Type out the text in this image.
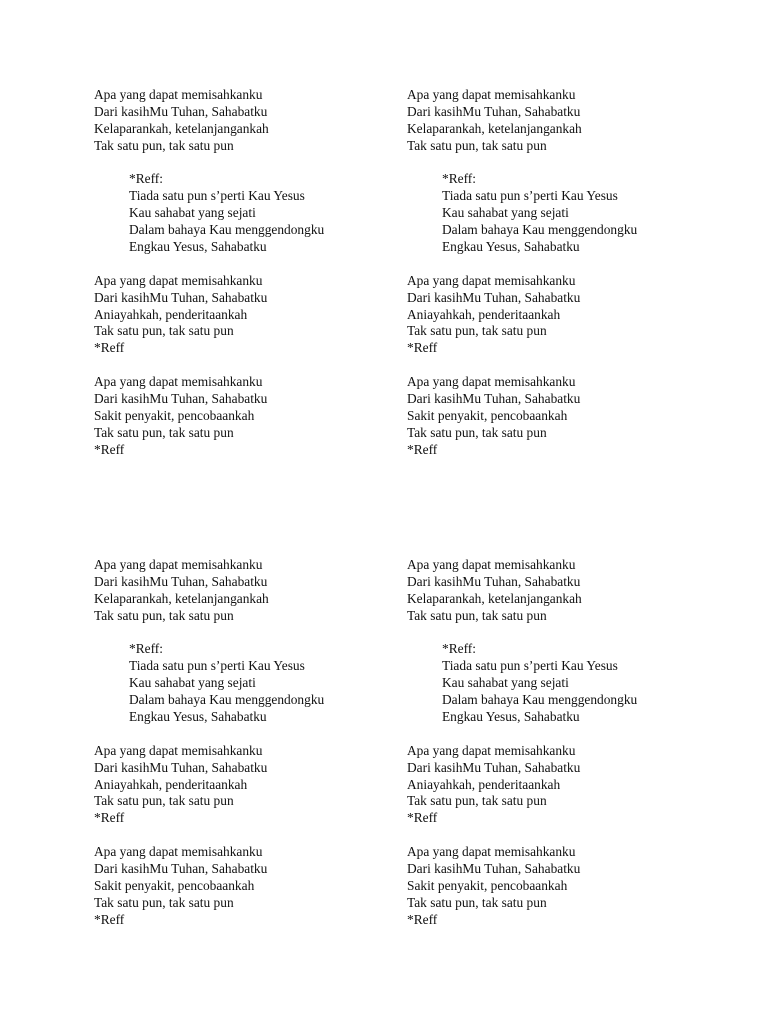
Apa yang dapat memisahkanku
Dari kasihMu Tuhan, Sahabatku
Kelaparankah, ketelanjangankah
Tak satu pun, tak satu pun
*Reff:
Tiada satu pun s’perti Kau Yesus
Kau sahabat yang sejati
Dalam bahaya Kau menggendongku
Engkau Yesus, Sahabatku
Apa yang dapat memisahkanku
Dari kasihMu Tuhan, Sahabatku
Aniayahkah, penderitaankah
Tak satu pun, tak satu pun
*Reff
Apa yang dapat memisahkanku
Dari kasihMu Tuhan, Sahabatku
Sakit penyakit, pencobaankah
Tak satu pun, tak satu pun
*Reff
Apa yang dapat memisahkanku
Dari kasihMu Tuhan, Sahabatku
Kelaparankah, ketelanjangankah
Tak satu pun, tak satu pun
*Reff:
Tiada satu pun s’perti Kau Yesus
Kau sahabat yang sejati
Dalam bahaya Kau menggendongku
Engkau Yesus, Sahabatku
Apa yang dapat memisahkanku
Dari kasihMu Tuhan, Sahabatku
Aniayahkah, penderitaankah
Tak satu pun, tak satu pun
*Reff
Apa yang dapat memisahkanku
Dari kasihMu Tuhan, Sahabatku
Sakit penyakit, pencobaankah
Tak satu pun, tak satu pun
*Reff
Apa yang dapat memisahkanku
Dari kasihMu Tuhan, Sahabatku
Kelaparankah, ketelanjangankah
Tak satu pun, tak satu pun
*Reff:
Tiada satu pun s’perti Kau Yesus
Kau sahabat yang sejati
Dalam bahaya Kau menggendongku
Engkau Yesus, Sahabatku
Apa yang dapat memisahkanku
Dari kasihMu Tuhan, Sahabatku
Aniayahkah, penderitaankah
Tak satu pun, tak satu pun
*Reff
Apa yang dapat memisahkanku
Dari kasihMu Tuhan, Sahabatku
Sakit penyakit, pencobaankah
Tak satu pun, tak satu pun
*Reff
Apa yang dapat memisahkanku
Dari kasihMu Tuhan, Sahabatku
Kelaparankah, ketelanjangankah
Tak satu pun, tak satu pun
*Reff:
Tiada satu pun s’perti Kau Yesus
Kau sahabat yang sejati
Dalam bahaya Kau menggendongku
Engkau Yesus, Sahabatku
Apa yang dapat memisahkanku
Dari kasihMu Tuhan, Sahabatku
Aniayahkah, penderitaankah
Tak satu pun, tak satu pun
*Reff
Apa yang dapat memisahkanku
Dari kasihMu Tuhan, Sahabatku
Sakit penyakit, pencobaankah
Tak satu pun, tak satu pun
*Reff
